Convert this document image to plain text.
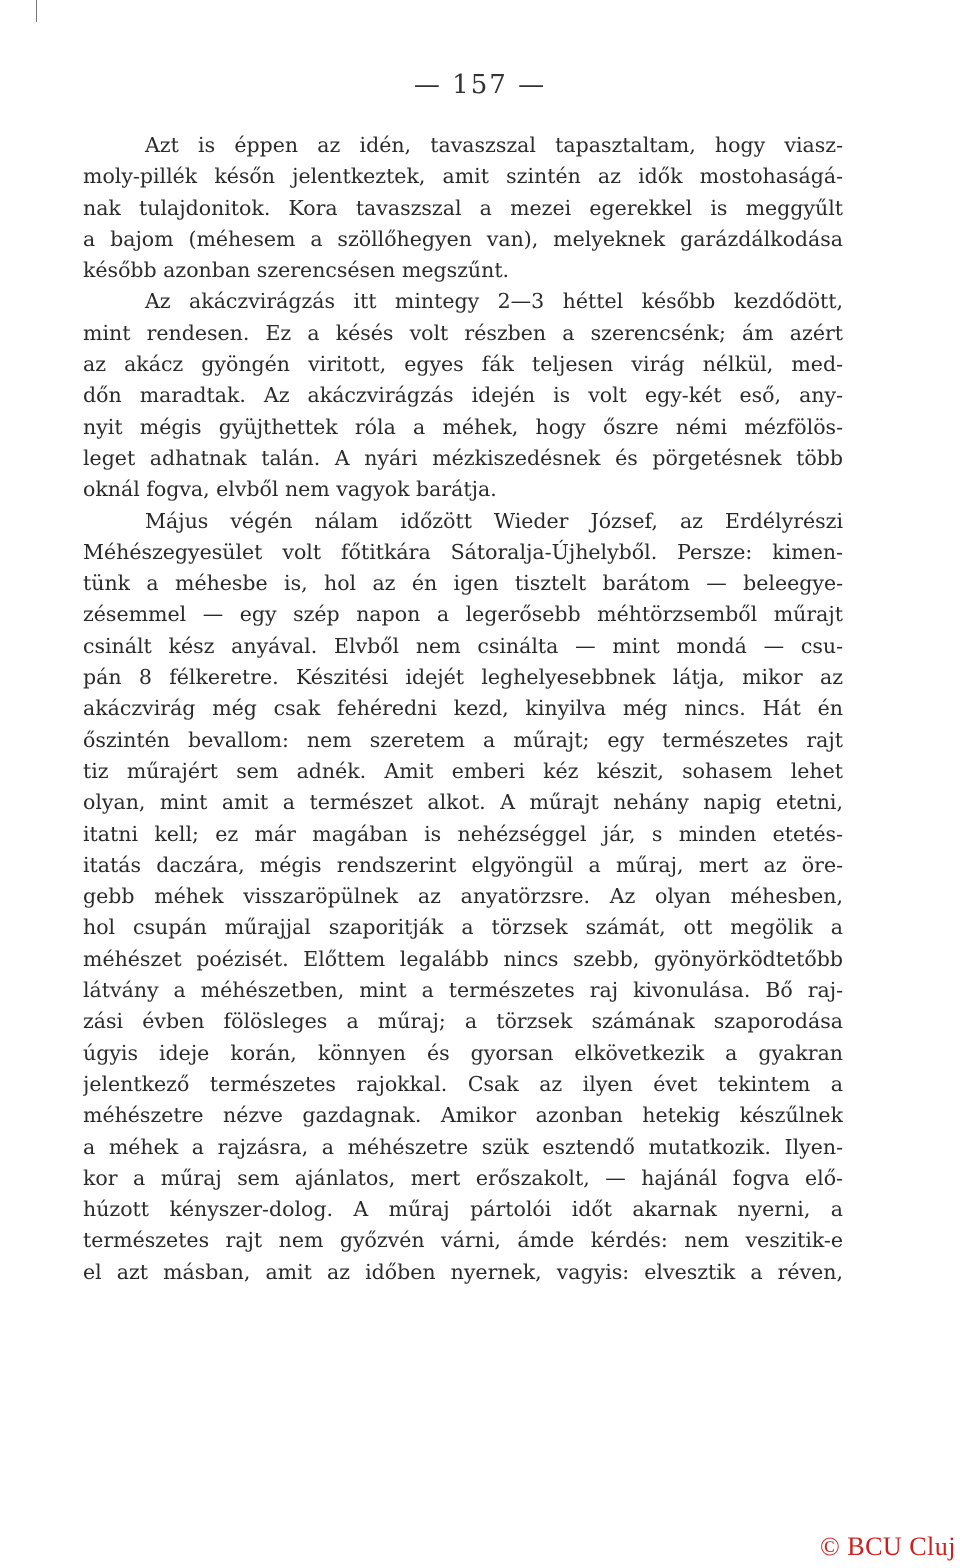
— 157 —
Azt is éppen az idén, tavaszszal tapasztaltam, hogy viasz-
moly-pillék későn jelentkeztek, amit szintén az idők mostohaságá-
nak tulajdonitok. Kora tavaszszal a mezei egerekkel is meggyűlt
a bajom (méhesem a szöllőhegyen van), melyeknek garázdálkodása
később azonban szerencsésen megszűnt.
Az akáczvirágzás itt mintegy 2—3 héttel később kezdődött,
mint rendesen. Ez a késés volt részben a szerencsénk; ám azért
az akácz gyöngén viritott, egyes fák teljesen virág nélkül, med-
dőn maradtak. Az akáczvirágzás idején is volt egy-két eső, any-
nyit mégis gyüjthettek róla a méhek, hogy őszre némi mézfölös-
leget adhatnak talán. A nyári mézkiszedésnek és pörgetésnek több
oknál fogva, elvből nem vagyok barátja.
Május végén nálam időzött Wieder József, az Erdélyrészi
Méhészegyesület volt főtitkára Sátoralja-Újhelyből. Persze: kimen-
tünk a méhesbe is, hol az én igen tisztelt barátom — beleegye-
zésemmel — egy szép napon a legerősebb méhtörzsemből műrajt
csinált kész anyával. Elvből nem csinálta — mint mondá — csu-
pán 8 félkeretre. Készitési idejét leghelyesebbnek látja, mikor az
akáczvirág még csak fehéredni kezd, kinyilva még nincs. Hát én
őszintén bevallom: nem szeretem a műrajt; egy természetes rajt
tiz műrajért sem adnék. Amit emberi kéz készit, sohasem lehet
olyan, mint amit a természet alkot. A műrajt nehány napig etetni,
itatni kell; ez már magában is nehézséggel jár, s minden etetés-
itatás daczára, mégis rendszerint elgyöngül a műraj, mert az öre-
gebb méhek visszaröpülnek az anyatörzsre. Az olyan méhesben,
hol csupán műrajjal szaporitják a törzsek számát, ott megölik a
méhészet poézisét. Előttem legalább nincs szebb, gyönyörködtetőbb
látvány a méhészetben, mint a természetes raj kivonulása. Bő raj-
zási évben fölösleges a műraj; a törzsek számának szaporodása
úgyis ideje korán, könnyen és gyorsan elkövetkezik a gyakran
jelentkező természetes rajokkal. Csak az ilyen évet tekintem a
méhészetre nézve gazdagnak. Amikor azonban hetekig készűlnek
a méhek a rajzásra, a méhészetre szük esztendő mutatkozik. Ilyen-
kor a műraj sem ajánlatos, mert erőszakolt, — hajánál fogva elő-
húzott kényszer-dolog. A műraj pártolói időt akarnak nyerni, a
természetes rajt nem győzvén várni, ámde kérdés: nem veszitik-e
el azt másban, amit az időben nyernek, vagyis: elvesztik a réven,
© BCU Cluj
